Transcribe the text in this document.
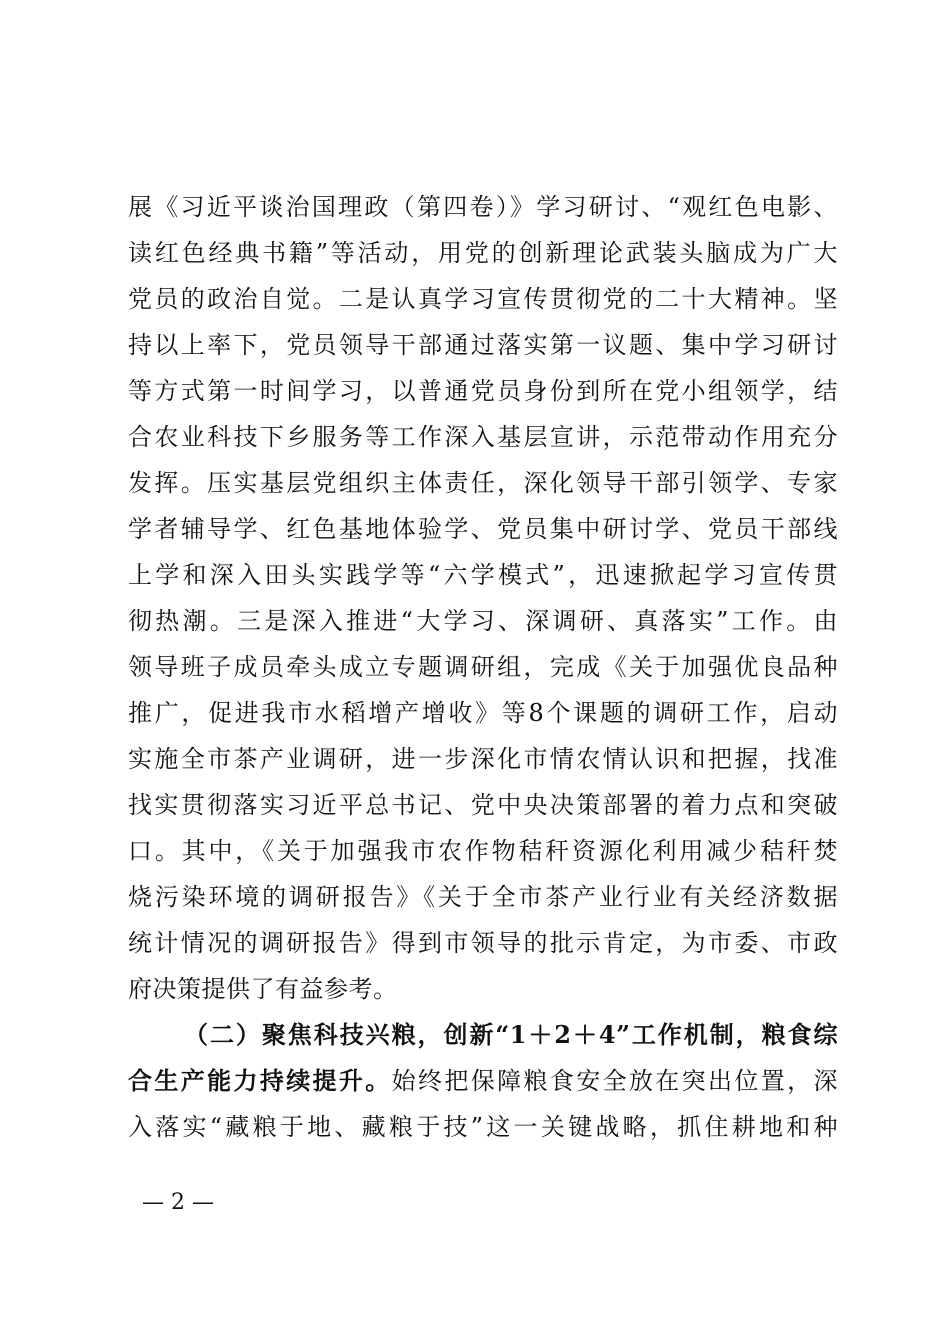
展《习近平谈治国理政（第四卷）》学习研讨、“观红色电影、
读红色经典书籍”等活动，用党的创新理论武装头脑成为广大
党员的政治自觉。二是认真学习宣传贯彻党的二十大精神。坚
持以上率下，党员领导干部通过落实第一议题、集中学习研讨
等方式第一时间学习，以普通党员身份到所在党小组领学，结
合农业科技下乡服务等工作深入基层宣讲，示范带动作用充分
发挥。压实基层党组织主体责任，深化领导干部引领学、专家
学者辅导学、红色基地体验学、党员集中研讨学、党员干部线
上学和深入田头实践学等“六学模式”，迅速掀起学习宣传贯
彻热潮。三是深入推进“大学习、深调研、真落实”工作。由
领导班子成员牵头成立专题调研组，完成《关于加强优良品种
推广，促进我市水稻增产增收》等8个课题的调研工作，启动
实施全市茶产业调研，进一步深化市情农情认识和把握，找准
找实贯彻落实习近平总书记、党中央决策部署的着力点和突破
口。其中，《关于加强我市农作物秸秆资源化利用减少秸秆焚
烧污染环境的调研报告》《关于全市茶产业行业有关经济数据
统计情况的调研报告》得到市领导的批示肯定，为市委、市政
府决策提供了有益参考。
（二）聚焦科技兴粮，创新“1＋2＋4”工作机制，粮食综
合生产能力持续提升。始终把保障粮食安全放在突出位置，深
入落实“藏粮于地、藏粮于技”这一关键战略，抓住耕地和种
— 2 —
